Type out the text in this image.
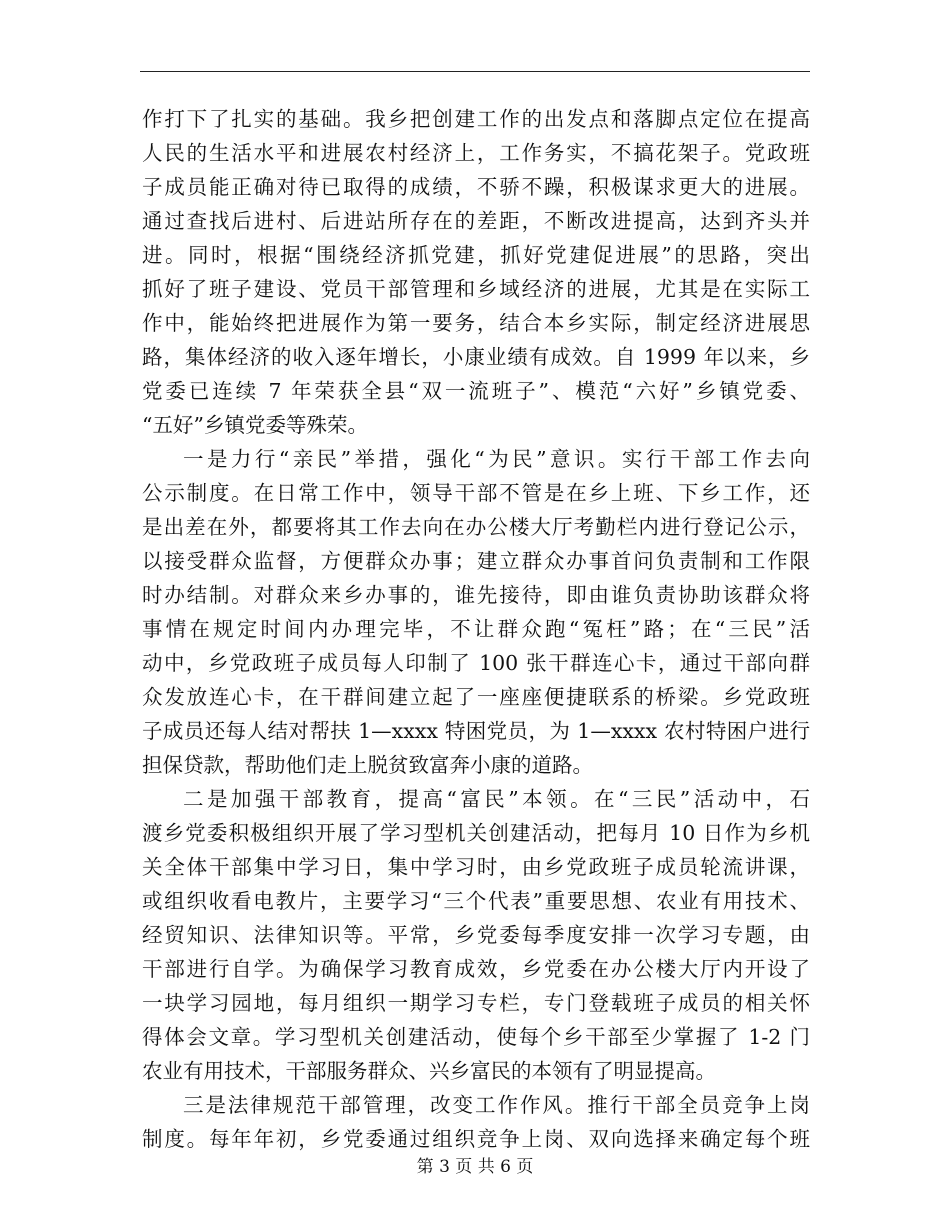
作打下了扎实的基础。我乡把创建工作的出发点和落脚点定位在提高
人民的生活水平和进展农村经济上，工作务实，不搞花架子。党政班
子成员能正确对待已取得的成绩，不骄不躁，积极谋求更大的进展。
通过查找后进村、后进站所存在的差距，不断改进提高，达到齐头并
进。同时，根据“围绕经济抓党建，抓好党建促进展”的思路，突出
抓好了班子建设、党员干部管理和乡域经济的进展，尤其是在实际工
作中，能始终把进展作为第一要务，结合本乡实际，制定经济进展思
路，集体经济的收入逐年增长，小康业绩有成效。自 1999 年以来，乡
党委已连续 7 年荣获全县“双一流班子”、模范“六好”乡镇党委、
“五好”乡镇党委等殊荣。
一是力行“亲民”举措，强化“为民”意识。实行干部工作去向
公示制度。在日常工作中，领导干部不管是在乡上班、下乡工作，还
是出差在外，都要将其工作去向在办公楼大厅考勤栏内进行登记公示，
以接受群众监督，方便群众办事；建立群众办事首问负责制和工作限
时办结制。对群众来乡办事的，谁先接待，即由谁负责协助该群众将
事情在规定时间内办理完毕，不让群众跑“冤枉”路；在“三民”活
动中，乡党政班子成员每人印制了 100 张干群连心卡，通过干部向群
众发放连心卡，在干群间建立起了一座座便捷联系的桥梁。乡党政班
子成员还每人结对帮扶 1—xxxx 特困党员，为 1—xxxx 农村特困户进行
担保贷款，帮助他们走上脱贫致富奔小康的道路。
二是加强干部教育，提高“富民”本领。在“三民”活动中，石
渡乡党委积极组织开展了学习型机关创建活动，把每月 10 日作为乡机
关全体干部集中学习日，集中学习时，由乡党政班子成员轮流讲课，
或组织收看电教片，主要学习“三个代表”重要思想、农业有用技术、
经贸知识、法律知识等。平常，乡党委每季度安排一次学习专题，由
干部进行自学。为确保学习教育成效，乡党委在办公楼大厅内开设了
一块学习园地，每月组织一期学习专栏，专门登载班子成员的相关怀
得体会文章。学习型机关创建活动，使每个乡干部至少掌握了 1-2 门
农业有用技术，干部服务群众、兴乡富民的本领有了明显提高。
三是法律规范干部管理，改变工作作风。推行干部全员竞争上岗
制度。每年年初，乡党委通过组织竞争上岗、双向选择来确定每个班
第 3 页 共 6 页
